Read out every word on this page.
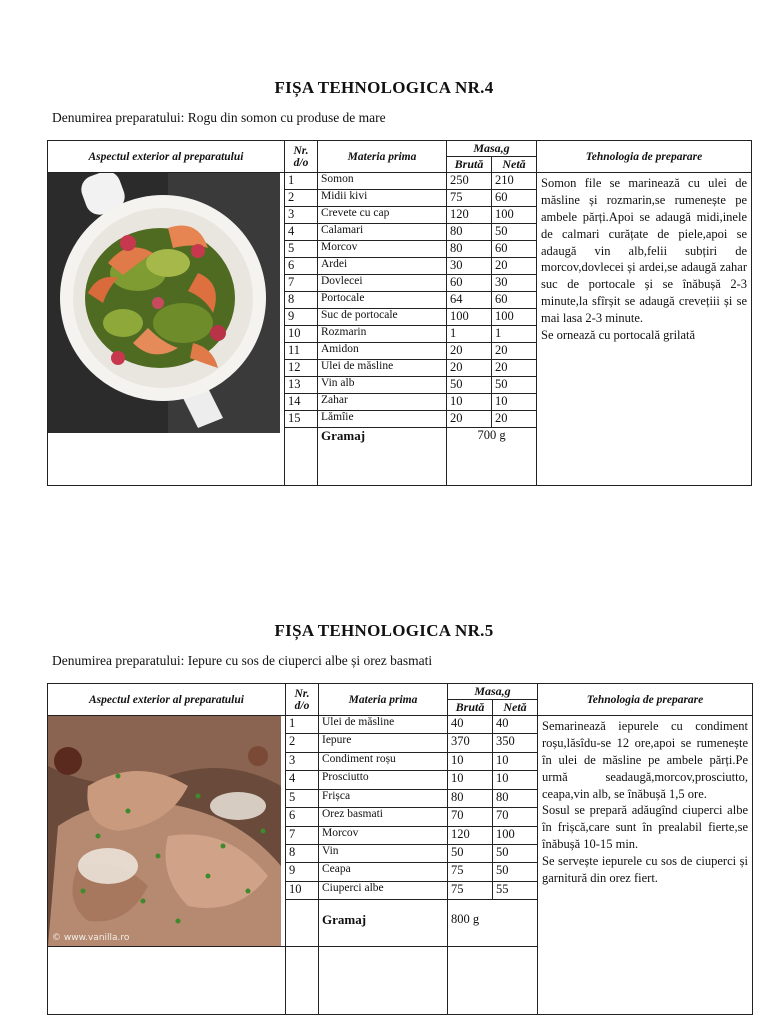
FIȘA TEHNOLOGICA NR.4
Denumirea preparatului: Rogu din somon cu produse de mare
Aspectul exterior al preparatului	Nr. d/o	Materia prima	Masa,g		Tehnologia de preparare
			Brută	Netă	

	1	Somon	250	210	Somon file se marinează cu ulei de măsline și rozmarin,se rumenește pe ambele părți.Apoi se adaugă midi,inele de calmari curățate de piele,apoi se adaugă vin alb,felii subțiri de morcov,dovlecei și ardei,se adaugă zahar suc de portocale și se înăbușă 2-3 minute,la sfîrșit se adaugă crevețiii și se mai lasa 2-3 minute.
Se ornează cu portocală grilată

	2	Midii kivi	75	60	
	3	Crevete cu cap	120	100	
	4	Calamari	80	50	
	5	Morcov	80	60	
	6	Ardei	30	20	
	7	Dovlecei	60	30	
	8	Portocale	64	60	
	9	Suc de portocale	100	100	
	10	Rozmarin	1	1	
	11	Amidon	20	20	
	12	Ulei de măsline	20	20	
	13	Vin alb	50	50	
	14	Zahar	10	10	
	15	Lămîie	20	20	
		Gramaj	700 g		
FIȘA TEHNOLOGICA NR.5
Denumirea preparatului: Iepure cu sos de ciuperci albe și orez basmati
Aspectul exterior al preparatului	Nr. d/o	Materia prima	Masa,g		Tehnologia de preparare
			Brută	Netă	

© www.vanilla.ro	1	Ulei de măsline	40	40	Semarinează iepurele cu condiment roșu,lăsîdu-se 12 ore,apoi se rumenește în ulei de măsline pe ambele părți.Pe urmă seadaugă,morcov,prosciutto, ceapa,vin alb, se înăbușă 1,5 ore.
Sosul se prepară adăugînd ciuperci albe în frișcă,care sunt în prealabil fierte,se înăbușă 10-15 min.
Se servește iepurele cu sos de ciuperci și garnitură din orez fiert.

	2	Iepure	370	350	
	3	Condiment roșu	10	10	
	4	Prosciutto	10	10	
	5	Frișca	80	80	
	6	Orez basmati	70	70	
	7	Morcov	120	100	
	8	Vin	50	50	
	9	Ceapa	75	50	
	10	Ciuperci albe	75	55	
		Gramaj	800 g		
